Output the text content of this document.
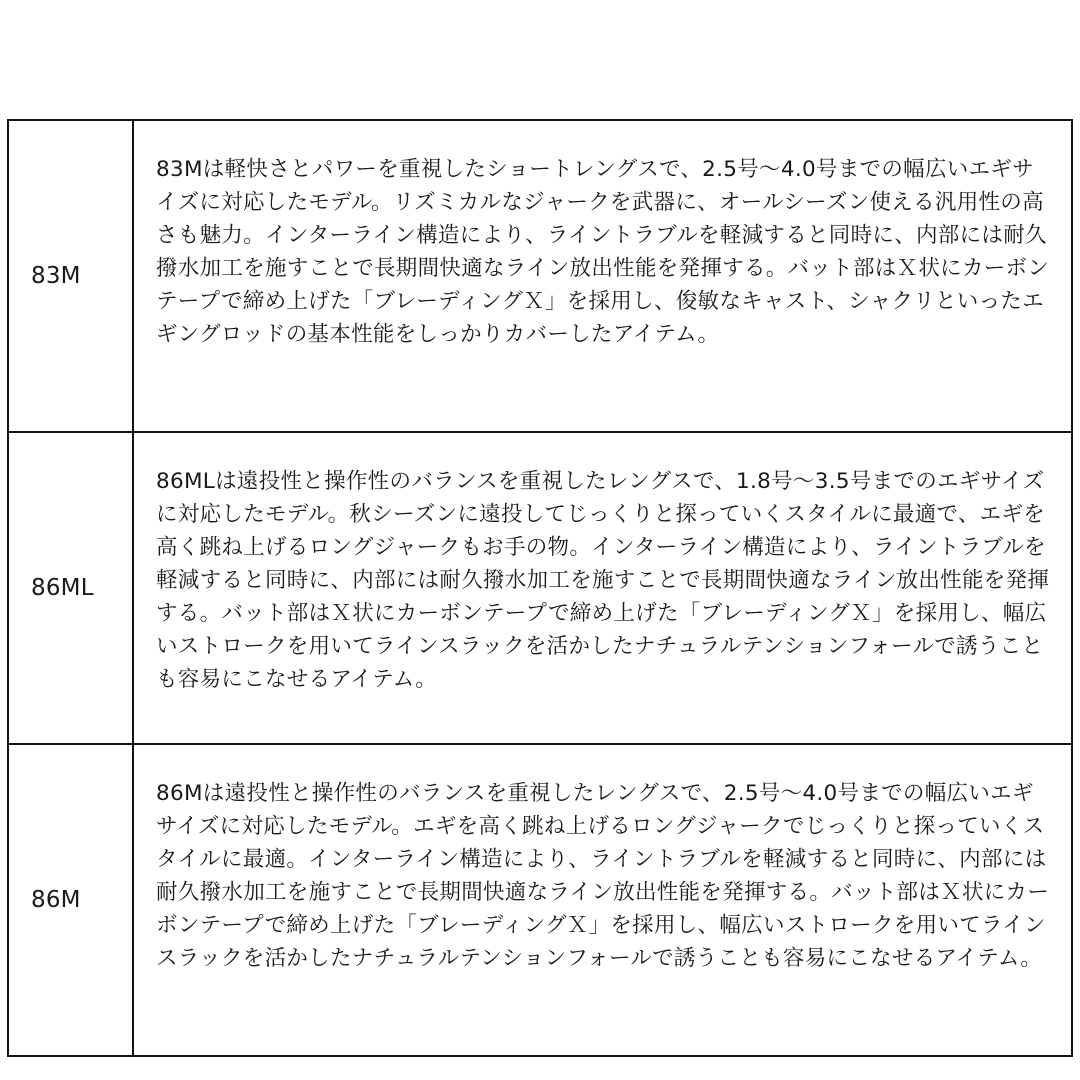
83M	83Mは軽快さとパワーを重視したショートレングスで、2.5号〜4.0号までの幅広いエギサイズに対応したモデル。リズミカルなジャークを武器に、オールシーズン使える汎用性の高さも魅力。インターライン構造により、ライントラブルを軽減すると同時に、内部には耐久撥水加工を施すことで長期間快適なライン放出性能を発揮する。バット部はＸ状にカーボンテープで締め上げた「ブレーディングＸ」を採用し、俊敏なキャスト、シャクリといったエギングロッドの基本性能をしっかりカバーしたアイテム。
86ML	86MLは遠投性と操作性のバランスを重視したレングスで、1.8号〜3.5号までのエギサイズに対応したモデル。秋シーズンに遠投してじっくりと探っていくスタイルに最適で、エギを高く跳ね上げるロングジャークもお手の物。インターライン構造により、ライントラブルを軽減すると同時に、内部には耐久撥水加工を施すことで長期間快適なライン放出性能を発揮する。バット部はＸ状にカーボンテープで締め上げた「ブレーディングＸ」を採用し、幅広いストロークを用いてラインスラックを活かしたナチュラルテンションフォールで誘うことも容易にこなせるアイテム。
86M	86Mは遠投性と操作性のバランスを重視したレングスで、2.5号〜4.0号までの幅広いエギサイズに対応したモデル。エギを高く跳ね上げるロングジャークでじっくりと探っていくスタイルに最適。インターライン構造により、ライントラブルを軽減すると同時に、内部には耐久撥水加工を施すことで長期間快適なライン放出性能を発揮する。バット部はＸ状にカーボンテープで締め上げた「ブレーディングＸ」を採用し、幅広いストロークを用いてラインスラックを活かしたナチュラルテンションフォールで誘うことも容易にこなせるアイテム。
